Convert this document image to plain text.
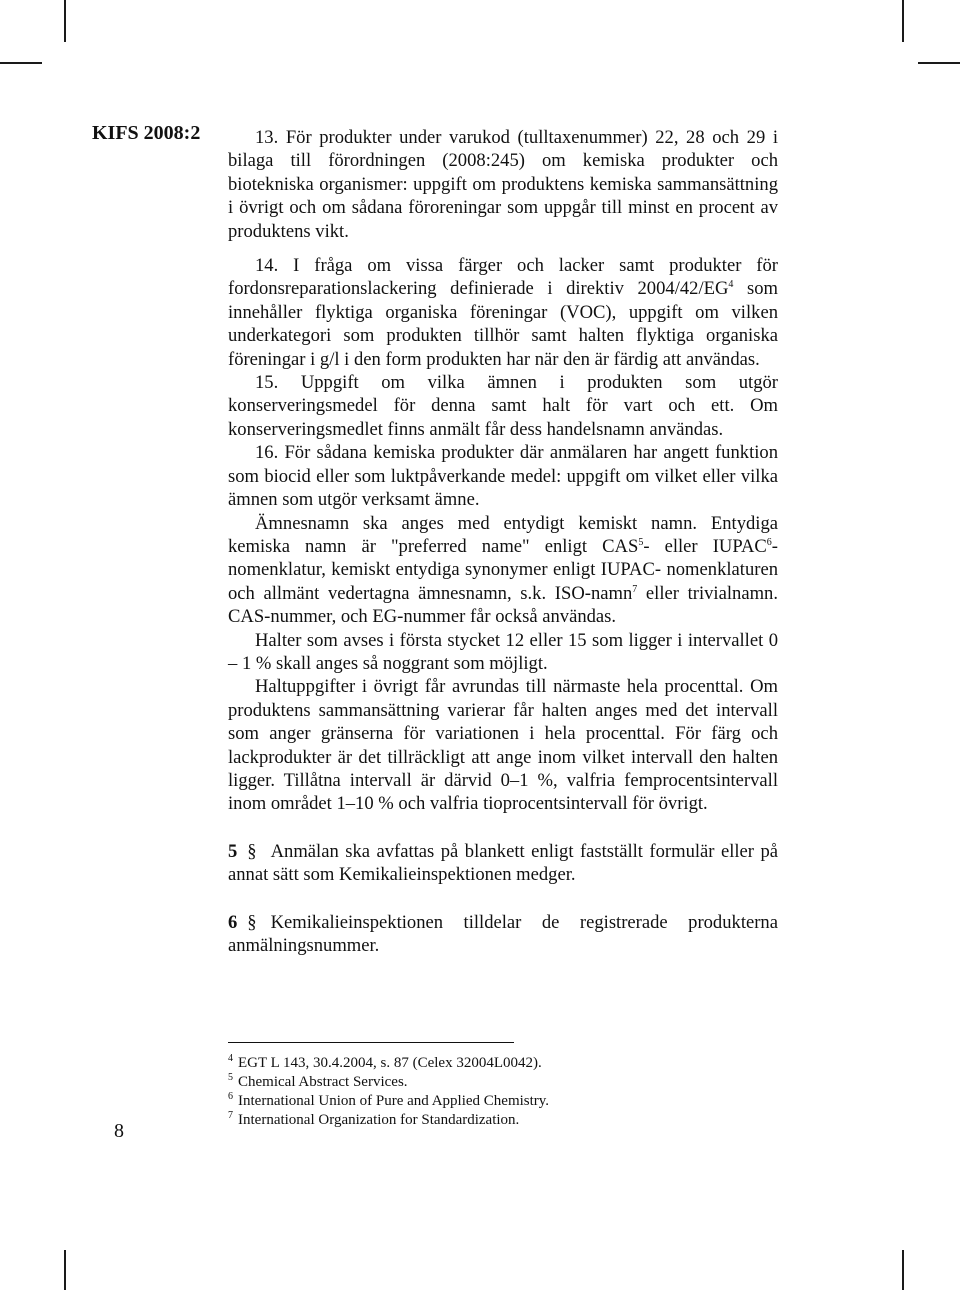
KIFS 2008:2	13. För produkter under varukod (tulltaxenummer) 22, 28 och 29 i bilaga till förordningen (2008:245) om kemiska produkter och biotekniska organismer: uppgift om produktens kemiska sammansättning i övrigt och om sådana föroreningar som uppgår till minst en procent av produktens vikt.

14. I fråga om vissa färger och lacker samt produkter för fordonsreparationslackering definierade i direktiv $2004/42/EG^4$ som innehåller flyktiga organiska föreningar (VOC), uppgift om vilken underkategori som produkten tillhör samt halten flyktiga organiska föreningar i g/l i den form produkten har när den är färdig att användas.

15. Uppgift om vilka ämnen i produkten som utgör konserveringsmedel för denna samt halt för vart och ett. Om konserveringsmedlet finns anmält får dess handelsnamn användas.

16. För sådana kemiska produkter där anmälaren har angett funktion som biocid eller som luktpåverkande medel: uppgift om vilket eller vilka ämnen som utgör verksamt ämne.

Ämnesnamn ska anges med entydigt kemiskt namn. Entydiga kemiska namn är "preferred name" enligt CAS$^5$- eller IUPAC$^6$-nomenklatur, kemiskt entydiga synonymer enligt IUPAC- nomenklaturen och allmänt vedertagna ämnesnamn, s.k. ISO-namn$^7$ eller trivialnamn. CAS-nummer, och EG-nummer får också användas.

Halter som avses i första stycket 12 eller 15 som ligger i intervallet 0 – 1 % skall anges så noggrant som möjligt.

Haltuppgifter i övrigt får avrundas till närmaste hela procenttal. Om produktens sammansättning varierar får halten anges med det intervall som anger gränserna för variationen i hela procenttal. För färg och lackprodukter är det tillräckligt att ange inom vilket intervall den halten ligger. Tillåtna intervall är därvid 0–1 %, valfria femprocentsintervall inom området 1–10 % och valfria tioprocentsintervall för övrigt.

5 § Anmälan ska avfattas på blankett enligt fastställt formulär eller på annat sätt som Kemikalieinspektionen medger.

6 § Kemikalieinspektionen tilldelar de registrerade produkterna anmälningsnummer.

$^4$ EGT L 143, 30.4.2004, s. 87 (Celex 32004L0042).
$^5$ Chemical Abstract Services.
$^6$ International Union of Pure and Applied Chemistry.
$^7$ International Organization for Standardization.
8
